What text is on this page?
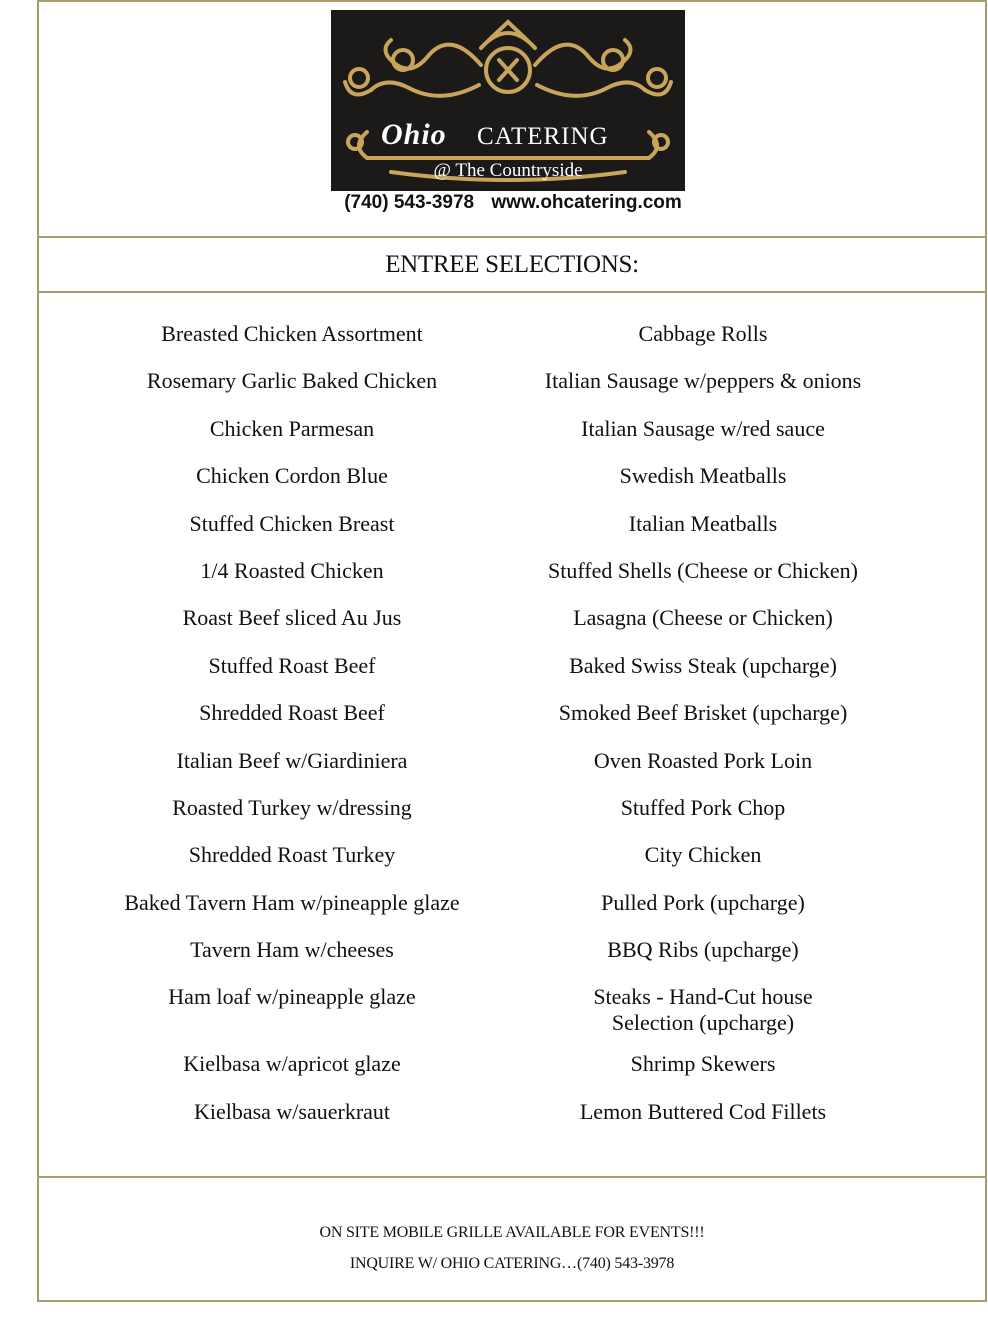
Ohio CATERING
@ The Countryside
(740) 543-3978 www.ohcatering.com
ENTREE SELECTIONS:
Breasted Chicken Assortment
Rosemary Garlic Baked Chicken
Chicken Parmesan
Chicken Cordon Blue
Stuffed Chicken Breast
1/4 Roasted Chicken
Roast Beef sliced Au Jus
Stuffed Roast Beef
Shredded Roast Beef
Italian Beef w/Giardiniera
Roasted Turkey w/dressing
Shredded Roast Turkey
Baked Tavern Ham w/pineapple glaze
Tavern Ham w/cheeses
Ham loaf w/pineapple glaze
Kielbasa w/apricot glaze
Kielbasa w/sauerkraut
Cabbage Rolls
Italian Sausage w/peppers & onions
Italian Sausage w/red sauce
Swedish Meatballs
Italian Meatballs
Stuffed Shells (Cheese or Chicken)
Lasagna (Cheese or Chicken)
Baked Swiss Steak (upcharge)
Smoked Beef Brisket (upcharge)
Oven Roasted Pork Loin
Stuffed Pork Chop
City Chicken
Pulled Pork (upcharge)
BBQ Ribs (upcharge)
Steaks - Hand-Cut house Selection (upcharge)
Shrimp Skewers
Lemon Buttered Cod Fillets
ON SITE MOBILE GRILLE AVAILABLE FOR EVENTS!!!
INQUIRE W/ OHIO CATERING…(740) 543-3978
